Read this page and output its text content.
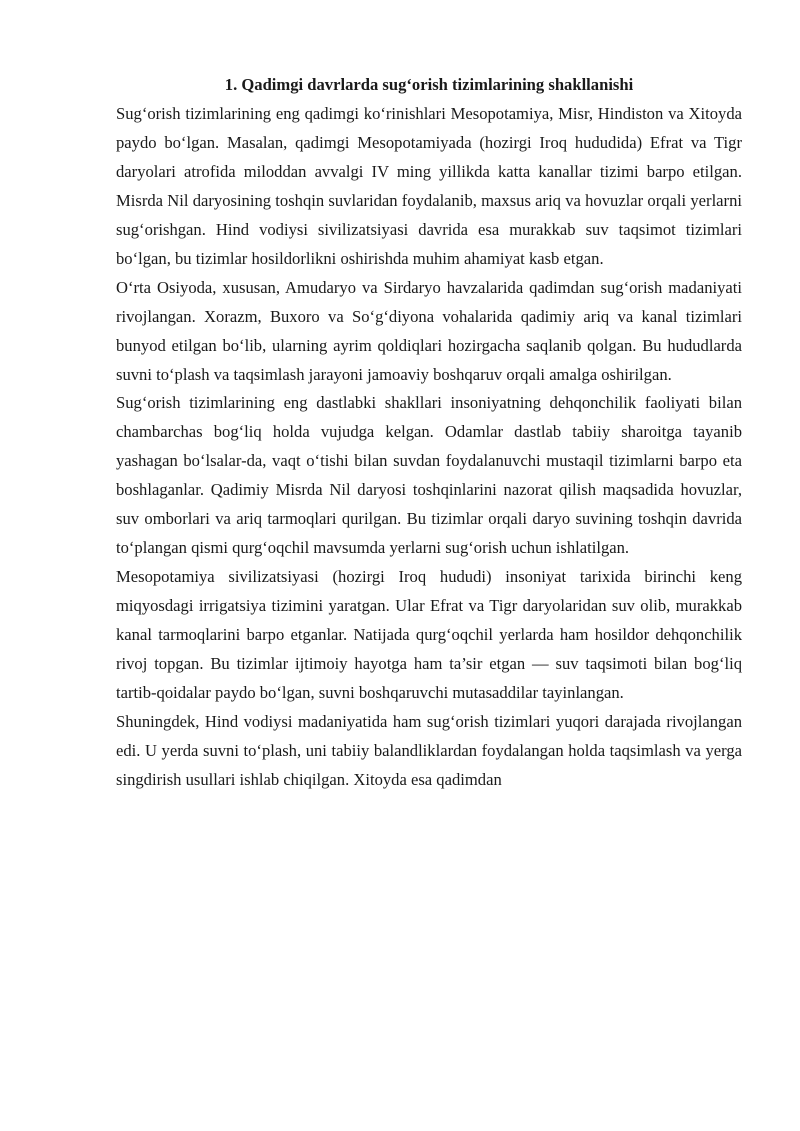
1. Qadimgi davrlarda sug‘orish tizimlarining shakllanishi

Sug‘orish tizimlarining eng qadimgi ko‘rinishlari Mesopotamiya, Misr, Hindiston va Xitoyda paydo bo‘lgan. Masalan, qadimgi Mesopotamiyada (hozirgi Iroq hududida) Efrat va Tigr daryolari atrofida miloddan avvalgi IV ming yillikda katta kanallar tizimi barpo etilgan. Misrda Nil daryosining toshqin suvlaridan foydalanib, maxsus ariq va hovuzlar orqali yerlarni sug‘orishgan. Hind vodiysi sivilizatsiyasi davrida esa murakkab suv taqsimot tizimlari bo‘lgan, bu tizimlar hosildorlikni oshirishda muhim ahamiyat kasb etgan.

O‘rta Osiyoda, xususan, Amudaryo va Sirdaryo havzalarida qadimdan sug‘orish madaniyati rivojlangan. Xorazm, Buxoro va So‘g‘diyona vohalarida qadimiy ariq va kanal tizimlari bunyod etilgan bo‘lib, ularning ayrim qoldiqlari hozirgacha saqlanib qolgan. Bu hududlarda suvni to‘plash va taqsimlash jarayoni jamoaviy boshqaruv orqali amalga oshirilgan.

Sug‘orish tizimlarining eng dastlabki shakllari insoniyatning dehqonchilik faoliyati bilan chambarchas bog‘liq holda vujudga kelgan. Odamlar dastlab tabiiy sharoitga tayanib yashagan bo‘lsalar-da, vaqt o‘tishi bilan suvdan foydalanuvchi mustaqil tizimlarni barpo eta boshlaganlar. Qadimiy Misrda Nil daryosi toshqinlarini nazorat qilish maqsadida hovuzlar, suv omborlari va ariq tarmoqlari qurilgan. Bu tizimlar orqali daryo suvining toshqin davrida to‘plangan qismi qurg‘oqchil mavsumda yerlarni sug‘orish uchun ishlatilgan.

Mesopotamiya sivilizatsiyasi (hozirgi Iroq hududi) insoniyat tarixida birinchi keng miqyosdagi irrigatsiya tizimini yaratgan. Ular Efrat va Tigr daryolaridan suv olib, murakkab kanal tarmoqlarini barpo etganlar. Natijada qurg‘oqchil yerlarda ham hosildor dehqonchilik rivoj topgan. Bu tizimlar ijtimoiy hayotga ham ta’sir etgan — suv taqsimoti bilan bog‘liq tartib-qoidalar paydo bo‘lgan, suvni boshqaruvchi mutasaddilar tayinlangan.

Shuningdek, Hind vodiysi madaniyatida ham sug‘orish tizimlari yuqori darajada rivojlangan edi. U yerda suvni to‘plash, uni tabiiy balandliklardan foydalangan holda taqsimlash va yerga singdirish usullari ishlab chiqilgan. Xitoyda esa qadimdan
